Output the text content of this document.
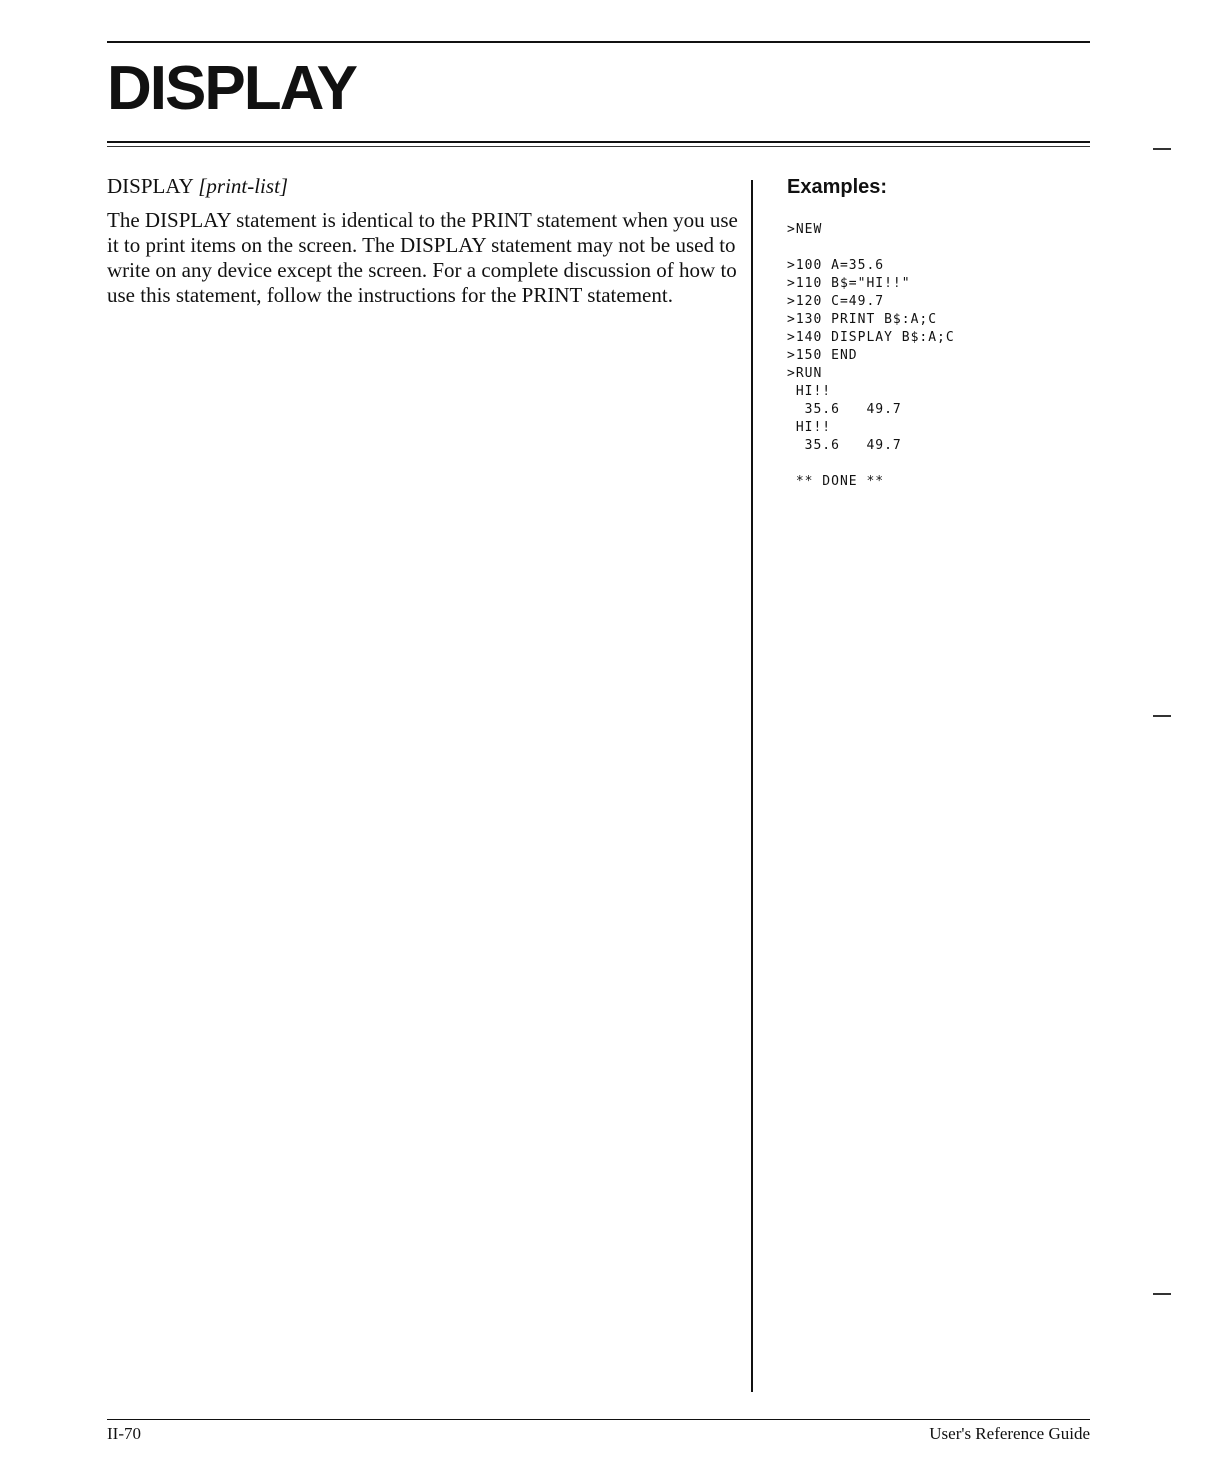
DISPLAY
DISPLAY [print-list]

The DISPLAY statement is identical to the PRINT statement when you use it to print items on the screen. The DISPLAY statement may not be used to write on any device except the screen. For a complete discussion of how to use this statement, follow the instructions for the PRINT statement.

Examples:
>NEW
>100 A=35.6
>110 B$="HI!!"
>120 C=49.7
>130 PRINT B$:A;C
>140 DISPLAY B$:A;C
>150 END
>RUN
HI!!
35.6   49.7
HI!!
35.6   49.7
** DONE **
II-70	User's Reference Guide
